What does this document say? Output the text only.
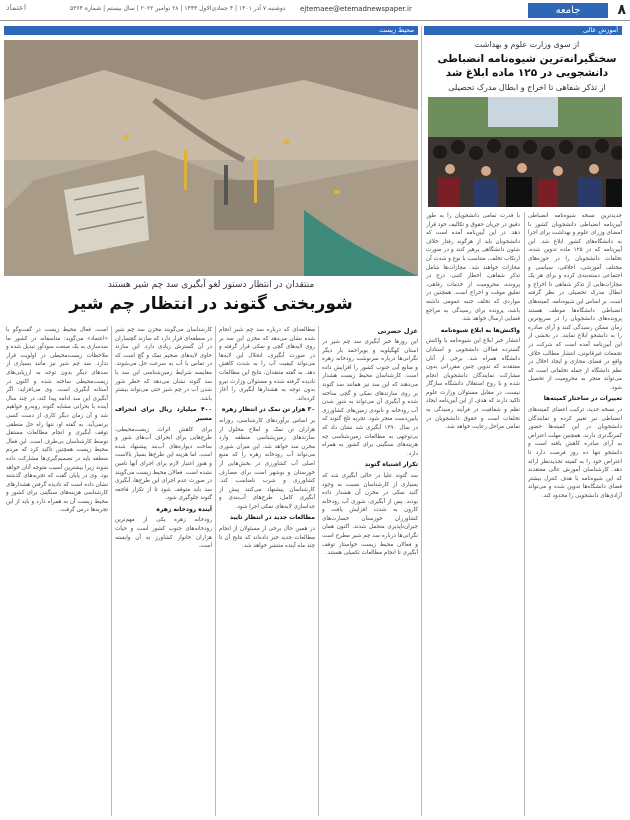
۸
جامعه
ejtemaee@etemadnewspaper.ir
دوشنبه ۷ آذر ۱۴۰۱ | ۴ جمادی‌الاول ۱۴۴۴ | ۲۸ نوامبر ۲۰۲۲ | سال بیستم | شماره ۵۳۶۴
اعتماد
آموزش عالی
محیط زیست
از سوی وزارت علوم و بهداشت
سختگیرانه‌ترین شیوه‌نامه انضباطی دانشجویی در ۱۲۵ ماده ابلاغ شد
از تذکر شفاهی تا اخراج و ابطال مدرک تحصیلی
منتقدان در انتظار دستور لغو آبگیری سد چم شیر هستند
شوربختی گتوند در انتظار چم شیر
جدیدترین نسخه شیوه‌نامه انضباطی آیین‌نامه انضباطی دانشجویان کشور با امضای وزرای علوم و بهداشت برای اجرا به دانشگاه‌های کشور ابلاغ شد. این آیین‌نامه که در ۱۲۵ ماده تدوین شده، تخلفات دانشجویان را در حوزه‌های مختلف آموزشی، اخلاقی، سیاسی و اجتماعی دسته‌بندی کرده و برای هر یک مجازات‌هایی از تذکر شفاهی تا اخراج و ابطال مدرک تحصیلی در نظر گرفته است. بر اساس این شیوه‌نامه، کمیته‌های انضباطی دانشگاه‌ها موظف هستند پرونده‌های دانشجویان را در سریع‌ترین زمان ممکن رسیدگی کنند و آرای صادره را به دانشجو ابلاغ نمایند. در بخشی از این آیین‌نامه آمده است که شرکت در تجمعات غیرقانونی، انتشار مطالب خلاف واقع در فضای مجازی و ایجاد اخلال در نظم دانشگاه از جمله تخلفاتی است که می‌تواند منجر به محرومیت از تحصیل شود.
تغییرات در ساختار کمیته‌ها
در نسخه جدید، ترکیب اعضای کمیته‌های انضباطی نیز تغییر کرده و نمایندگان دانشجویان در این کمیته‌ها حضور کمرنگ‌تری دارند. همچنین مهلت اعتراض به آرای صادره کاهش یافته است و دانشجو تنها ده روز فرصت دارد تا اعتراض خود را به کمیته تجدیدنظر ارائه دهد. کارشناسان آموزش عالی معتقدند که این شیوه‌نامه با هدف کنترل بیشتر فضای دانشگاه‌ها تدوین شده و می‌تواند آزادی‌های دانشجویی را محدود کند.
با قدرت تمامی دانشجویان را به طور دقیق در جریان حقوق و تکالیف خود قرار دهد. در این آیین‌نامه آمده است که دانشجویان باید از هرگونه رفتار خلاف شئون دانشگاهی پرهیز کنند و در صورت ارتکاب تخلف، متناسب با نوع و شدت آن مجازات خواهند شد. مجازات‌ها شامل تذکر شفاهی، اخطار کتبی، درج در پرونده، محرومیت از خدمات رفاهی، تعلیق موقت و اخراج است. همچنین در مواردی که تخلف جنبه عمومی داشته باشد، پرونده برای رسیدگی به مراجع قضایی ارسال خواهد شد.
واکنش‌ها به ابلاغ شیوه‌نامه
انتشار خبر ابلاغ این شیوه‌نامه با واکنش گسترده فعالان دانشجویی و استادان دانشگاه همراه شد. برخی از آنان معتقدند که تدوین چنین مقرراتی بدون مشارکت نمایندگان دانشجویان انجام شده و با روح استقلال دانشگاه سازگار نیست. در مقابل مسئولان وزارت علوم تاکید دارند که هدف از این آیین‌نامه ایجاد نظم و شفافیت در فرآیند رسیدگی به تخلفات است و حقوق دانشجویان در تمامی مراحل رعایت خواهد شد.
غزل حضرتی
این روزها خبر آبگیری سد چم شیر در استان کهگیلویه و بویراحمد بار دیگر نگرانی‌ها درباره سرنوشت رودخانه زهره و منابع آبی جنوب کشور را افزایش داده است. کارشناسان محیط زیست هشدار می‌دهند که این سد نیز همانند سد گتوند بر روی سازندهای نمکی و گچی ساخته شده و آبگیری آن می‌تواند به شور شدن آب رودخانه و نابودی زمین‌های کشاورزی پایین‌دست منجر شود. تجربه تلخ گتوند که در سال ۱۳۹۰ آبگیری شد نشان داد که بی‌توجهی به مطالعات زمین‌شناسی چه هزینه‌های سنگینی برای کشور به همراه دارد.
تکرار اشتباه گتوند
سد گتوند علیا در حالی آبگیری شد که بسیاری از کارشناسان نسبت به وجود گنبد نمکی در مخزن آن هشدار داده بودند. پس از آبگیری، شوری آب رودخانه کارون به شدت افزایش یافت و کشاورزان خوزستان خسارت‌های جبران‌ناپذیری متحمل شدند. اکنون همان نگرانی‌ها درباره سد چم شیر مطرح است و فعالان محیط زیست خواستار توقف آبگیری تا انجام مطالعات تکمیلی هستند.
مطالعه‌ای که درباره سد چم شیر انجام شده نشان می‌دهد که مخزن این سد بر روی لایه‌های گچی و نمکی قرار گرفته و در صورت آبگیری، انحلال این لایه‌ها می‌تواند کیفیت آب را به شدت کاهش دهد. به گفته منتقدان، نتایج این مطالعات نادیده گرفته شده و مسئولان وزارت نیرو بدون توجه به هشدارها آبگیری را آغاز کرده‌اند.
۳۰ هزار تن نمک در انتظار زهره
بر اساس برآوردهای کارشناسی، روزانه هزاران تن نمک و املاح محلول از سازندهای زمین‌شناسی منطقه وارد مخزن سد خواهد شد. این میزان شوری می‌تواند آب رودخانه زهره را که منبع اصلی آب کشاورزی در بخش‌هایی از خوزستان و بوشهر است برای مصارف کشاورزی و شرب نامناسب کند. کارشناسان پیشنهاد می‌کنند پیش از آبگیری کامل، طرح‌های آب‌بندی و جداسازی لایه‌های نمکی اجرا شود.
مطالعات جدید در انتظار تایید
در همین حال برخی از مسئولان از انجام مطالعات جدید خبر داده‌اند که نتایج آن تا چند ماه آینده منتشر خواهد شد.
کارشناسان می‌گویند مخزن سد چم شیر در منطقه‌ای قرار دارد که سازند گچساران در آن گسترش زیادی دارد. این سازند حاوی لایه‌های ضخیم نمک و گچ است که در تماس با آب به سرعت حل می‌شوند. مقایسه شرایط زمین‌شناسی این سد با سد گتوند نشان می‌دهد که خطر شور شدن آب در چم شیر حتی می‌تواند بیشتر باشد.
۴۰۰ میلیارد ریال برای انحراف مسیر
برای کاهش اثرات زیست‌محیطی، طرح‌هایی برای انحراف آب‌های شور و ساخت دیواره‌های آب‌بند پیشنهاد شده است. اما هزینه این طرح‌ها بسیار بالاست و هنوز اعتبار لازم برای اجرای آنها تامین نشده است. فعالان محیط زیست می‌گویند در صورت عدم اجرای این طرح‌ها، آبگیری سد باید متوقف شود تا از تکرار فاجعه گتوند جلوگیری شود.
آینده رودخانه زهره
رودخانه زهره یکی از مهم‌ترین رودخانه‌های جنوب کشور است و حیات هزاران خانوار کشاورز به آن وابسته است.
است. فعال محیط زیست در گفت‌وگو با «اعتماد» می‌گوید: متاسفانه در کشور ما سدسازی به یک صنعت سودآور تبدیل شده و ملاحظات زیست‌محیطی در اولویت قرار ندارد. سد چم شیر نیز مانند بسیاری از سدهای دیگر بدون توجه به ارزیابی‌های زیست‌محیطی ساخته شده و اکنون در آستانه آبگیری است. وی می‌افزاید: اگر آبگیری این سد ادامه پیدا کند، در چند سال آینده با بحرانی مشابه گتوند روبه‌رو خواهیم شد و آن زمان دیگر کاری از دست کسی برنمی‌آید. به گفته او، تنها راه حل منطقی توقف آبگیری و انجام مطالعات مستقل توسط کارشناسان بی‌طرف است. این فعال محیط زیست همچنین تاکید کرد که مردم منطقه باید در تصمیم‌گیری‌ها مشارکت داده شوند زیرا بیشترین آسیب متوجه آنان خواهد بود. وی در پایان گفت که تجربه‌های گذشته نشان داده است که نادیده گرفتن هشدارهای کارشناسی هزینه‌های سنگینی برای کشور و محیط زیست آن به همراه دارد و باید از این تجربه‌ها درس گرفت.
